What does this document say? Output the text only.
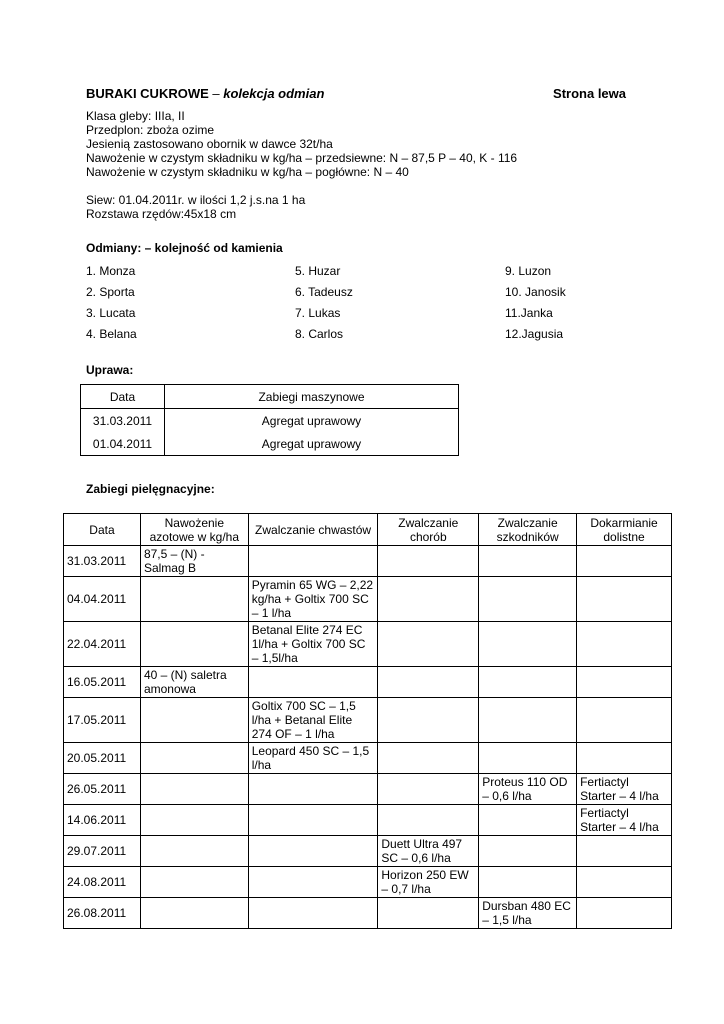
BURAKI CUKROWE – kolekcja odmian	Strona lewa
Klasa gleby: IIIa, II
Przedplon: zboża ozime
Jesienią zastosowano obornik w dawce 32t/ha
Nawożenie w czystym składniku w kg/ha – przedsiewne: N – 87,5 P – 40, K - 116
Nawożenie w czystym składniku w kg/ha – pogłówne: N – 40
Siew: 01.04.2011r. w ilości 1,2 j.s.na 1 ha
Rozstawa rzędów:45x18 cm
Odmiany: – kolejność od kamienia
1. Monza
2. Sporta
3. Lucata
4. Belana
5. Huzar
6. Tadeusz
7. Lukas
8. Carlos
9. Luzon
10. Janosik
11.Janka
12.Jagusia
Uprawa:
Data	Zabiegi maszynowe
31.03.2011	Agregat uprawowy
01.04.2011	Agregat uprawowy
Zabiegi pielęgnacyjne:
Data	Nawożenie azotowe w kg/ha	Zwalczanie chwastów	Zwalczanie chorób	Zwalczanie szkodników	Dokarmianie dolistne
31.03.2011	87,5 – (N) - Salmag B				
04.04.2011		Pyramin 65 WG – 2,22 kg/ha + Goltix 700 SC – 1 l/ha			
22.04.2011		Betanal Elite 274 EC 1l/ha + Goltix 700 SC – 1,5l/ha			
16.05.2011	40 – (N) saletra amonowa				
17.05.2011		Goltix 700 SC – 1,5 l/ha + Betanal Elite 274 OF – 1 l/ha			
20.05.2011		Leopard 450 SC – 1,5 l/ha			
26.05.2011				Proteus 110 OD – 0,6 l/ha	Fertiactyl Starter – 4 l/ha
14.06.2011					Fertiactyl Starter – 4 l/ha
29.07.2011			Duett Ultra 497 SC – 0,6 l/ha		
24.08.2011			Horizon 250 EW – 0,7 l/ha		
26.08.2011				Dursban 480 EC – 1,5 l/ha	
